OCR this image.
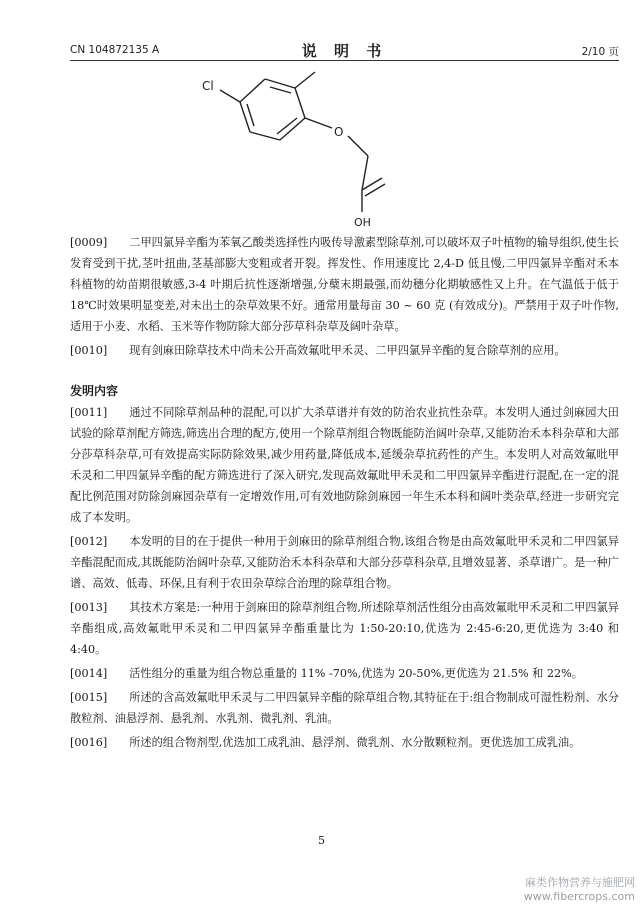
CN 104872135 A	说 明 书	2/10 页
Cl
O
OH

[0009] 二甲四氯异辛酯为苯氧乙酸类选择性内吸传导激素型除草剂,可以破坏双子叶植物的输导组织,使生长发育受到干扰,茎叶扭曲,茎基部膨大变粗或者开裂。挥发性、作用速度比 2,4-D 低且慢,二甲四氯异辛酯对禾本科植物的幼苗期很敏感,3-4 叶期后抗性逐渐增强,分蘖末期最强,而幼穗分化期敏感性又上升。在气温低于低于 18℃时效果明显变差,对未出土的杂草效果不好。通常用量每亩 30 ~ 60 克 (有效成分)。严禁用于双子叶作物,适用于小麦、水稻、玉米等作物防除大部分莎草科杂草及阔叶杂草。

[0010] 现有剑麻田除草技术中尚未公开高效氟吡甲禾灵、二甲四氯异辛酯的复合除草剂的应用。

发明内容

[0011] 通过不同除草剂品种的混配,可以扩大杀草谱并有效的防治农业抗性杂草。本发明人通过剑麻园大田试验的除草剂配方筛选,筛选出合理的配方,使用一个除草剂组合物既能防治阔叶杂草,又能防治禾本科杂草和大部分莎草科杂草,可有效提高实际防除效果,减少用药量,降低成本,延缓杂草抗药性的产生。本发明人对高效氟吡甲禾灵和二甲四氯异辛酯的配方筛选进行了深入研究,发现高效氟吡甲禾灵和二甲四氯异辛酯进行混配,在一定的混配比例范围对防除剑麻园杂草有一定增效作用,可有效地防除剑麻园一年生禾本科和阔叶类杂草,经进一步研究完成了本发明。

[0012] 本发明的目的在于提供一种用于剑麻田的除草剂组合物,该组合物是由高效氟吡甲禾灵和二甲四氯异辛酯混配而成,其既能防治阔叶杂草,又能防治禾本科杂草和大部分莎草科杂草,且增效显著、杀草谱广。是一种广谱、高效、低毒、环保,且有利于农田杂草综合治理的除草组合物。

[0013] 其技术方案是:一种用于剑麻田的除草剂组合物,所述除草剂活性组分由高效氟吡甲禾灵和二甲四氯异辛酯组成,高效氟吡甲禾灵和二甲四氯异辛酯重量比为 1:50-20:10,优选为 2:45-6:20,更优选为 3:40 和 4:40。

[0014] 活性组分的重量为组合物总重量的 11% -70%,优选为 20-50%,更优选为 21.5% 和 22%。

[0015] 所述的含高效氟吡甲禾灵与二甲四氯异辛酯的除草组合物,其特征在于:组合物制成可湿性粉剂、水分散粒剂、油悬浮剂、悬乳剂、水乳剂、微乳剂、乳油。

[0016] 所述的组合物剂型,优选加工成乳油、悬浮剂、微乳剂、水分散颗粒剂。更优选加工成乳油。

5
麻类作物营养与施肥网
www.fibercrops.com
